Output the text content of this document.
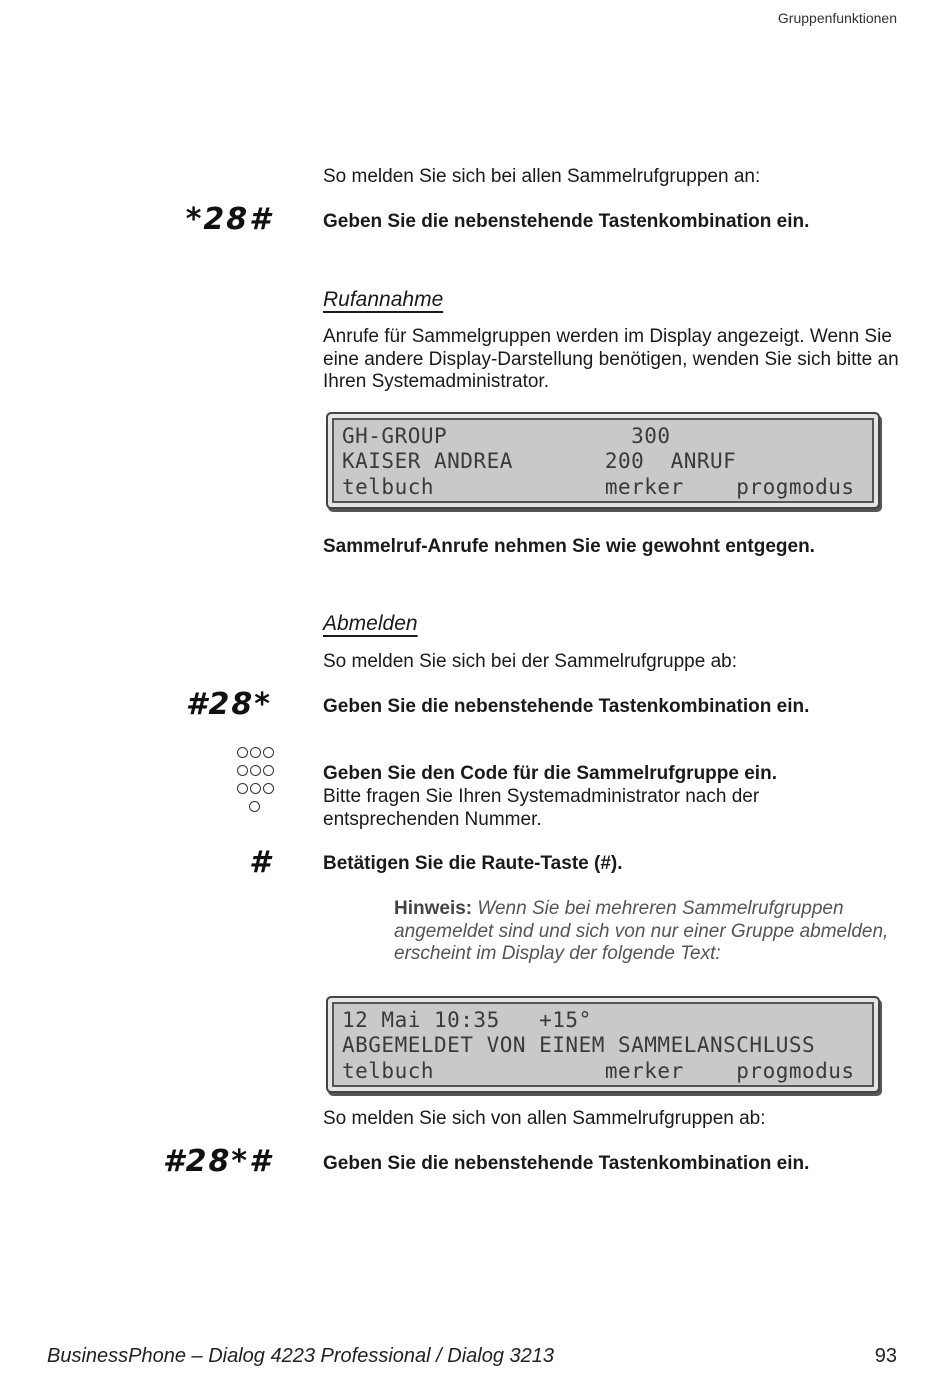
Gruppenfunktionen
So melden Sie sich bei allen Sammelrufgruppen an:
*28#	Geben Sie die nebenstehende Tastenkombination ein.
Rufannahme
Anrufe für Sammelgruppen werden im Display angezeigt. Wenn Sie eine andere Display-Darstellung benötigen, wenden Sie sich bitte an Ihren Systemadministrator.
GH-GROUP              300
KAISER ANDREA       200  ANRUF
telbuch             merker    progmodus
Sammelruf-Anrufe nehmen Sie wie gewohnt entgegen.
Abmelden
So melden Sie sich bei der Sammelrufgruppe ab:
#28*	Geben Sie die nebenstehende Tastenkombination ein.

Geben Sie den Code für die Sammelrufgruppe ein.
Bitte fragen Sie Ihren Systemadministrator nach der entsprechenden Nummer.
#	Betätigen Sie die Raute-Taste (#).
Hinweis: Wenn Sie bei mehreren Sammelrufgruppen angemeldet sind und sich von nur einer Gruppe abmelden, erscheint im Display der folgende Text:
12 Mai 10:35   +15°
ABGEMELDET VON EINEM SAMMELANSCHLUSS
telbuch             merker    progmodus
So melden Sie sich von allen Sammelrufgruppen ab:
#28*#	Geben Sie die nebenstehende Tastenkombination ein.
BusinessPhone – Dialog 4223 Professional / Dialog 3213	93
